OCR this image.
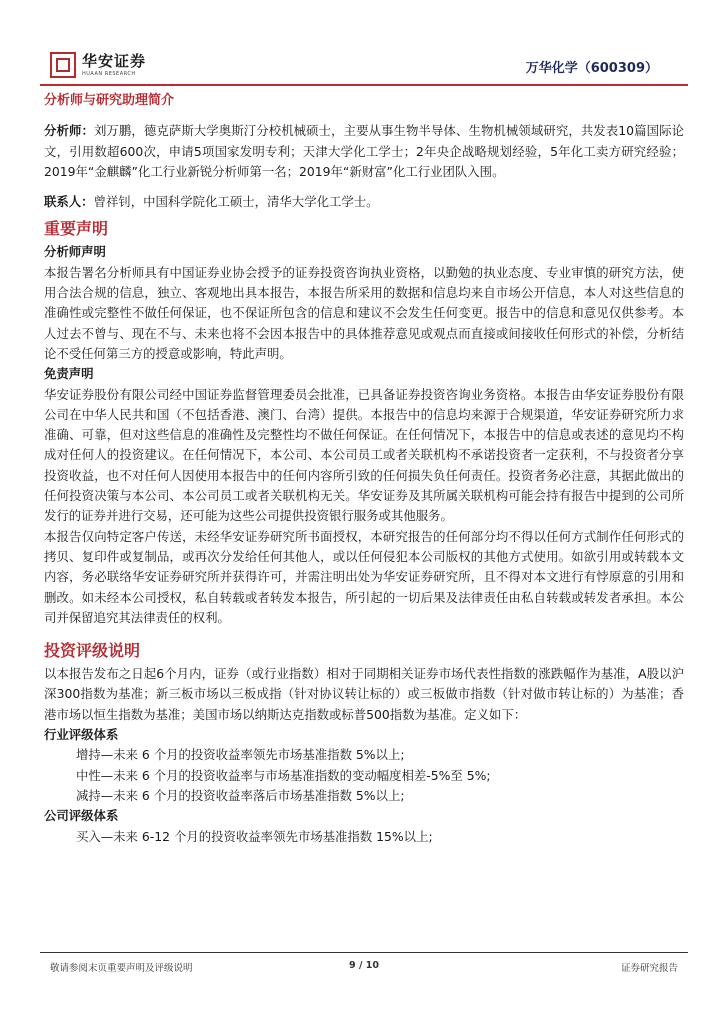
华安证券
HUAAN RESEARCH	万华化学（600309）
分析师与研究助理简介

分析师：刘万鹏，德克萨斯大学奥斯汀分校机械硕士，主要从事生物半导体、生物机械领域研究，共发表10篇国际论文，引用数超600次，申请5项国家发明专利；天津大学化工学士；2年央企战略规划经验，5年化工卖方研究经验；2019年“金麒麟”化工行业新锐分析师第一名；2019年“新财富”化工行业团队入围。

联系人：曾祥钊，中国科学院化工硕士，清华大学化工学士。

重要声明
分析师声明

本报告署名分析师具有中国证券业协会授予的证券投资咨询执业资格，以勤勉的执业态度、专业审慎的研究方法，使用合法合规的信息，独立、客观地出具本报告，本报告所采用的数据和信息均来自市场公开信息，本人对这些信息的准确性或完整性不做任何保证，也不保证所包含的信息和建议不会发生任何变更。报告中的信息和意见仅供参考。本人过去不曾与、现在不与、未来也将不会因本报告中的具体推荐意见或观点而直接或间接收任何形式的补偿，分析结论不受任何第三方的授意或影响，特此声明。

免责声明

华安证券股份有限公司经中国证券监督管理委员会批准，已具备证券投资咨询业务资格。本报告由华安证券股份有限公司在中华人民共和国（不包括香港、澳门、台湾）提供。本报告中的信息均来源于合规渠道，华安证券研究所力求准确、可靠，但对这些信息的准确性及完整性均不做任何保证。在任何情况下，本报告中的信息或表述的意见均不构成对任何人的投资建议。在任何情况下，本公司、本公司员工或者关联机构不承诺投资者一定获利，不与投资者分享投资收益，也不对任何人因使用本报告中的任何内容所引致的任何损失负任何责任。投资者务必注意，其据此做出的任何投资决策与本公司、本公司员工或者关联机构无关。华安证券及其所属关联机构可能会持有报告中提到的公司所发行的证券并进行交易，还可能为这些公司提供投资银行服务或其他服务。

本报告仅向特定客户传送，未经华安证券研究所书面授权，本研究报告的任何部分均不得以任何方式制作任何形式的拷贝、复印件或复制品，或再次分发给任何其他人，或以任何侵犯本公司版权的其他方式使用。如欲引用或转载本文内容，务必联络华安证券研究所并获得许可，并需注明出处为华安证券研究所，且不得对本文进行有悖原意的引用和删改。如未经本公司授权，私自转载或者转发本报告，所引起的一切后果及法律责任由私自转载或转发者承担。本公司并保留追究其法律责任的权利。

投资评级说明

以本报告发布之日起6个月内，证券（或行业指数）相对于同期相关证券市场代表性指数的涨跌幅作为基准，A股以沪深300指数为基准；新三板市场以三板成指（针对协议转让标的）或三板做市指数（针对做市转让标的）为基准；香港市场以恒生指数为基准；美国市场以纳斯达克指数或标普500指数为基准。定义如下：

行业评级体系

增持—未来 6 个月的投资收益率领先市场基准指数 5%以上;

中性—未来 6 个月的投资收益率与市场基准指数的变动幅度相差-5%至 5%;

减持—未来 6 个月的投资收益率落后市场基准指数 5%以上;

公司评级体系

买入—未来 6-12 个月的投资收益率领先市场基准指数 15%以上;

敬请参阅末页重要声明及评级说明	9 / 10	证券研究报告
